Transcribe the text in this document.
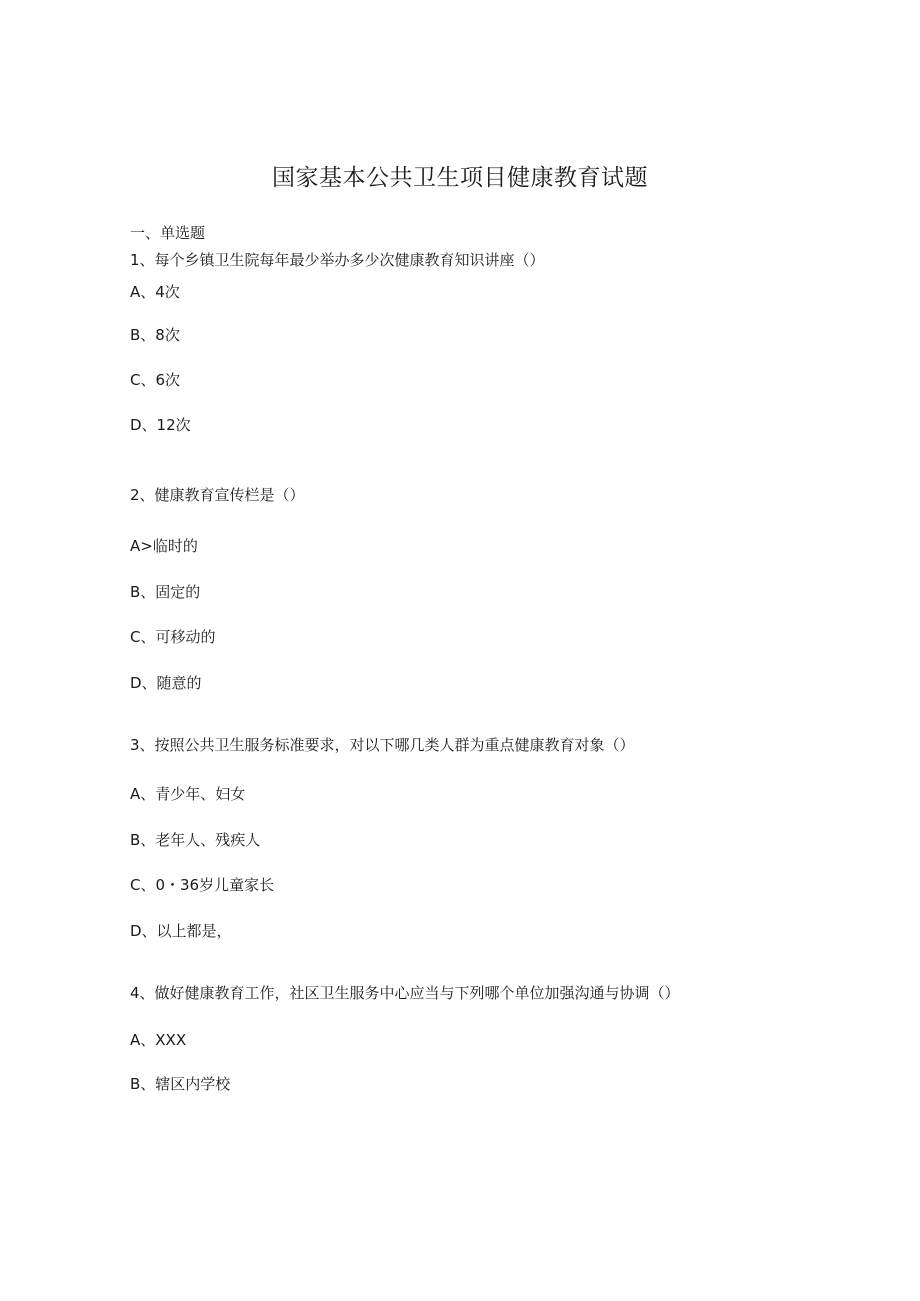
国家基本公共卫生项目健康教育试题
一、单选题
1、每个乡镇卫生院每年最少举办多少次健康教育知识讲座（）
A、4次
B、8次
C、6次
D、12次
2、健康教育宣传栏是（）
A>临时的
B、固定的
C、可移动的
D、随意的
3、按照公共卫生服务标准要求，对以下哪几类人群为重点健康教育对象（）
A、青少年、妇女
B、老年人、残疾人
C、0・36岁儿童家长
D、以上都是，
4、做好健康教育工作，社区卫生服务中心应当与下列哪个单位加强沟通与协调（）
A、XXX
B、辖区内学校
